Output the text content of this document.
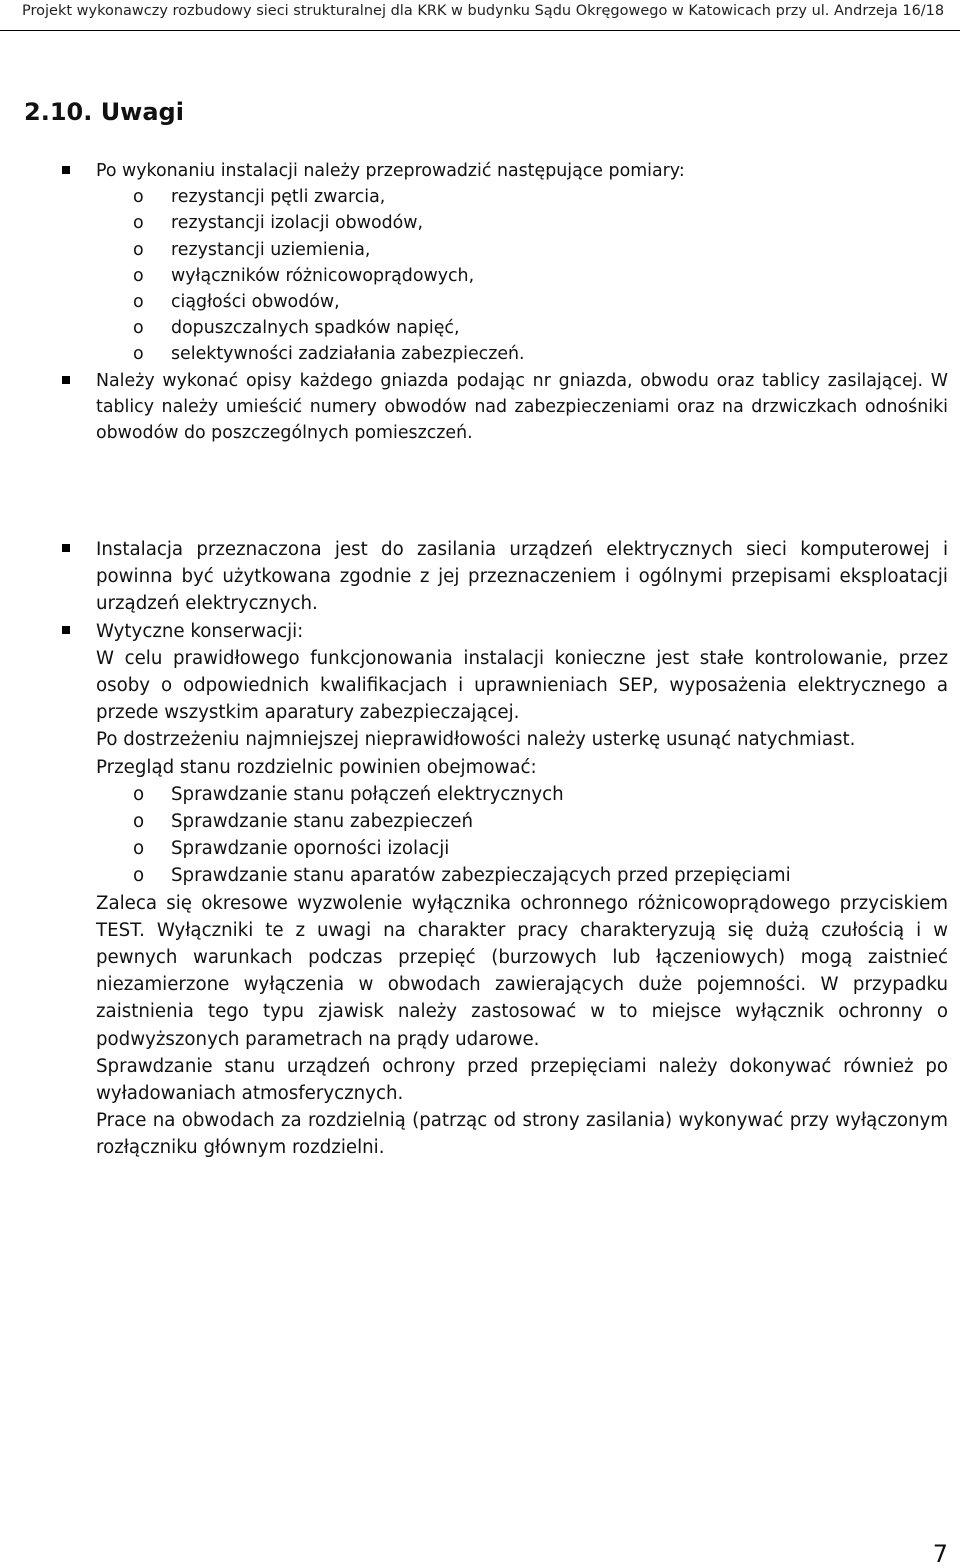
Projekt wykonawczy rozbudowy sieci strukturalnej dla KRK w budynku Sądu Okręgowego w Katowicach przy ul. Andrzeja 16/18
2.10. Uwagi
Po wykonaniu instalacji należy przeprowadzić następujące pomiary:
o rezystancji pętli zwarcia,
o rezystancji izolacji obwodów,
o rezystancji uziemienia,
o wyłączników różnicowoprądowych,
o ciągłości obwodów,
o dopuszczalnych spadków napięć,
o selektywności zadziałania zabezpieczeń.
Należy wykonać opisy każdego gniazda podając nr gniazda, obwodu oraz tablicy zasilającej. W tablicy należy umieścić numery obwodów nad zabezpieczeniami oraz na drzwiczkach odnośniki obwodów do poszczególnych pomieszczeń.
Instalacja przeznaczona jest do zasilania urządzeń elektrycznych sieci komputerowej i powinna być użytkowana zgodnie z jej przeznaczeniem i ogólnymi przepisami eksploatacji urządzeń elektrycznych.
Wytyczne konserwacji:
W celu prawidłowego funkcjonowania instalacji konieczne jest stałe kontrolowanie, przez osoby o odpowiednich kwalifikacjach i uprawnieniach SEP, wyposażenia elektrycznego a przede wszystkim aparatury zabezpieczającej.
Po dostrzeżeniu najmniejszej nieprawidłowości należy usterkę usunąć natychmiast.
Przegląd stanu rozdzielnic powinien obejmować:
o Sprawdzanie stanu połączeń elektrycznych
o Sprawdzanie stanu zabezpieczeń
o Sprawdzanie oporności izolacji
o Sprawdzanie stanu aparatów zabezpieczających przed przepięciami
Zaleca się okresowe wyzwolenie wyłącznika ochronnego różnicowoprądowego przyciskiem TEST. Wyłączniki te z uwagi na charakter pracy charakteryzują się dużą czułością i w pewnych warunkach podczas przepięć (burzowych lub łączeniowych) mogą zaistnieć niezamierzone wyłączenia w obwodach zawierających duże pojemności. W przypadku zaistnienia tego typu zjawisk należy zastosować w to miejsce wyłącznik ochronny o podwyższonych parametrach na prądy udarowe.
Sprawdzanie stanu urządzeń ochrony przed przepięciami należy dokonywać również po wyładowaniach atmosferycznych.
Prace na obwodach za rozdzielnią (patrząc od strony zasilania) wykonywać przy wyłączonym rozłączniku głównym rozdzielni.
7
